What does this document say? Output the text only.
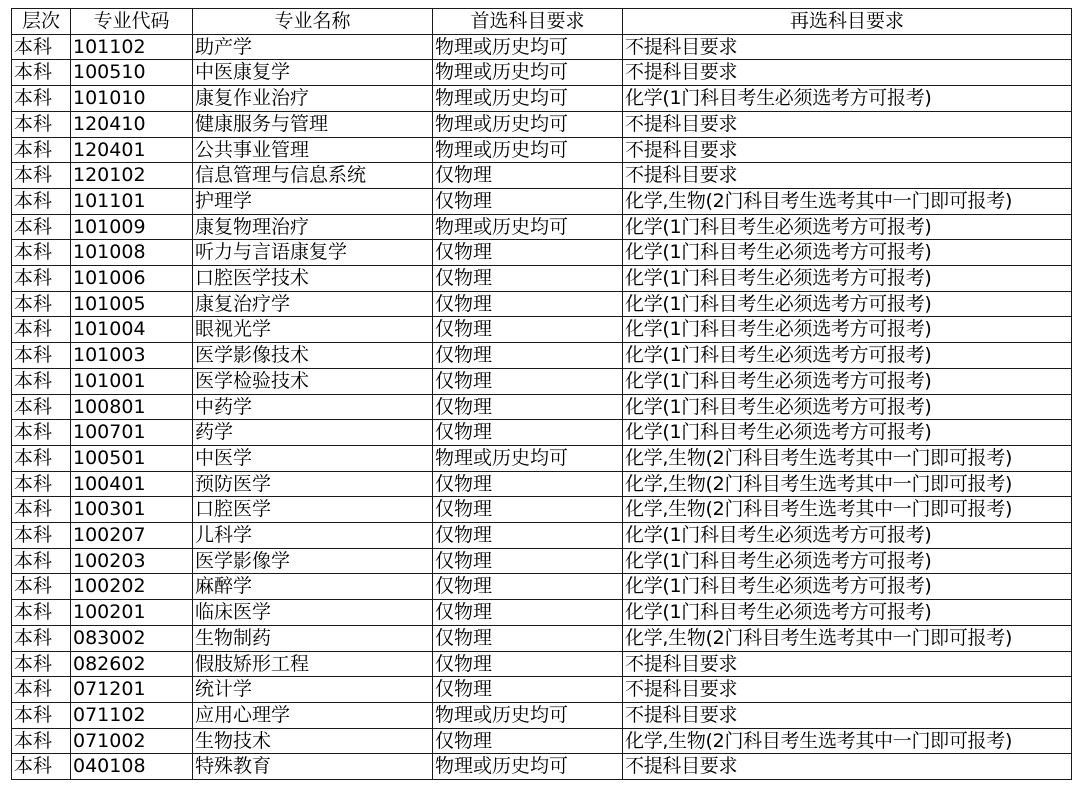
层次	专业代码	专业名称	首选科目要求	再选科目要求
本科	101102	助产学	物理或历史均可	不提科目要求
本科	100510	中医康复学	物理或历史均可	不提科目要求
本科	101010	康复作业治疗	物理或历史均可	化学(1门科目考生必须选考方可报考)
本科	120410	健康服务与管理	物理或历史均可	不提科目要求
本科	120401	公共事业管理	物理或历史均可	不提科目要求
本科	120102	信息管理与信息系统	仅物理	不提科目要求
本科	101101	护理学	仅物理	化学,生物(2门科目考生选考其中一门即可报考)
本科	101009	康复物理治疗	物理或历史均可	化学(1门科目考生必须选考方可报考)
本科	101008	听力与言语康复学	仅物理	化学(1门科目考生必须选考方可报考)
本科	101006	口腔医学技术	仅物理	化学(1门科目考生必须选考方可报考)
本科	101005	康复治疗学	仅物理	化学(1门科目考生必须选考方可报考)
本科	101004	眼视光学	仅物理	化学(1门科目考生必须选考方可报考)
本科	101003	医学影像技术	仅物理	化学(1门科目考生必须选考方可报考)
本科	101001	医学检验技术	仅物理	化学(1门科目考生必须选考方可报考)
本科	100801	中药学	仅物理	化学(1门科目考生必须选考方可报考)
本科	100701	药学	仅物理	化学(1门科目考生必须选考方可报考)
本科	100501	中医学	物理或历史均可	化学,生物(2门科目考生选考其中一门即可报考)
本科	100401	预防医学	仅物理	化学,生物(2门科目考生选考其中一门即可报考)
本科	100301	口腔医学	仅物理	化学,生物(2门科目考生选考其中一门即可报考)
本科	100207	儿科学	仅物理	化学(1门科目考生必须选考方可报考)
本科	100203	医学影像学	仅物理	化学(1门科目考生必须选考方可报考)
本科	100202	麻醉学	仅物理	化学(1门科目考生必须选考方可报考)
本科	100201	临床医学	仅物理	化学(1门科目考生必须选考方可报考)
本科	083002	生物制药	仅物理	化学,生物(2门科目考生选考其中一门即可报考)
本科	082602	假肢矫形工程	仅物理	不提科目要求
本科	071201	统计学	仅物理	不提科目要求
本科	071102	应用心理学	物理或历史均可	不提科目要求
本科	071002	生物技术	仅物理	化学,生物(2门科目考生选考其中一门即可报考)
本科	040108	特殊教育	物理或历史均可	不提科目要求
